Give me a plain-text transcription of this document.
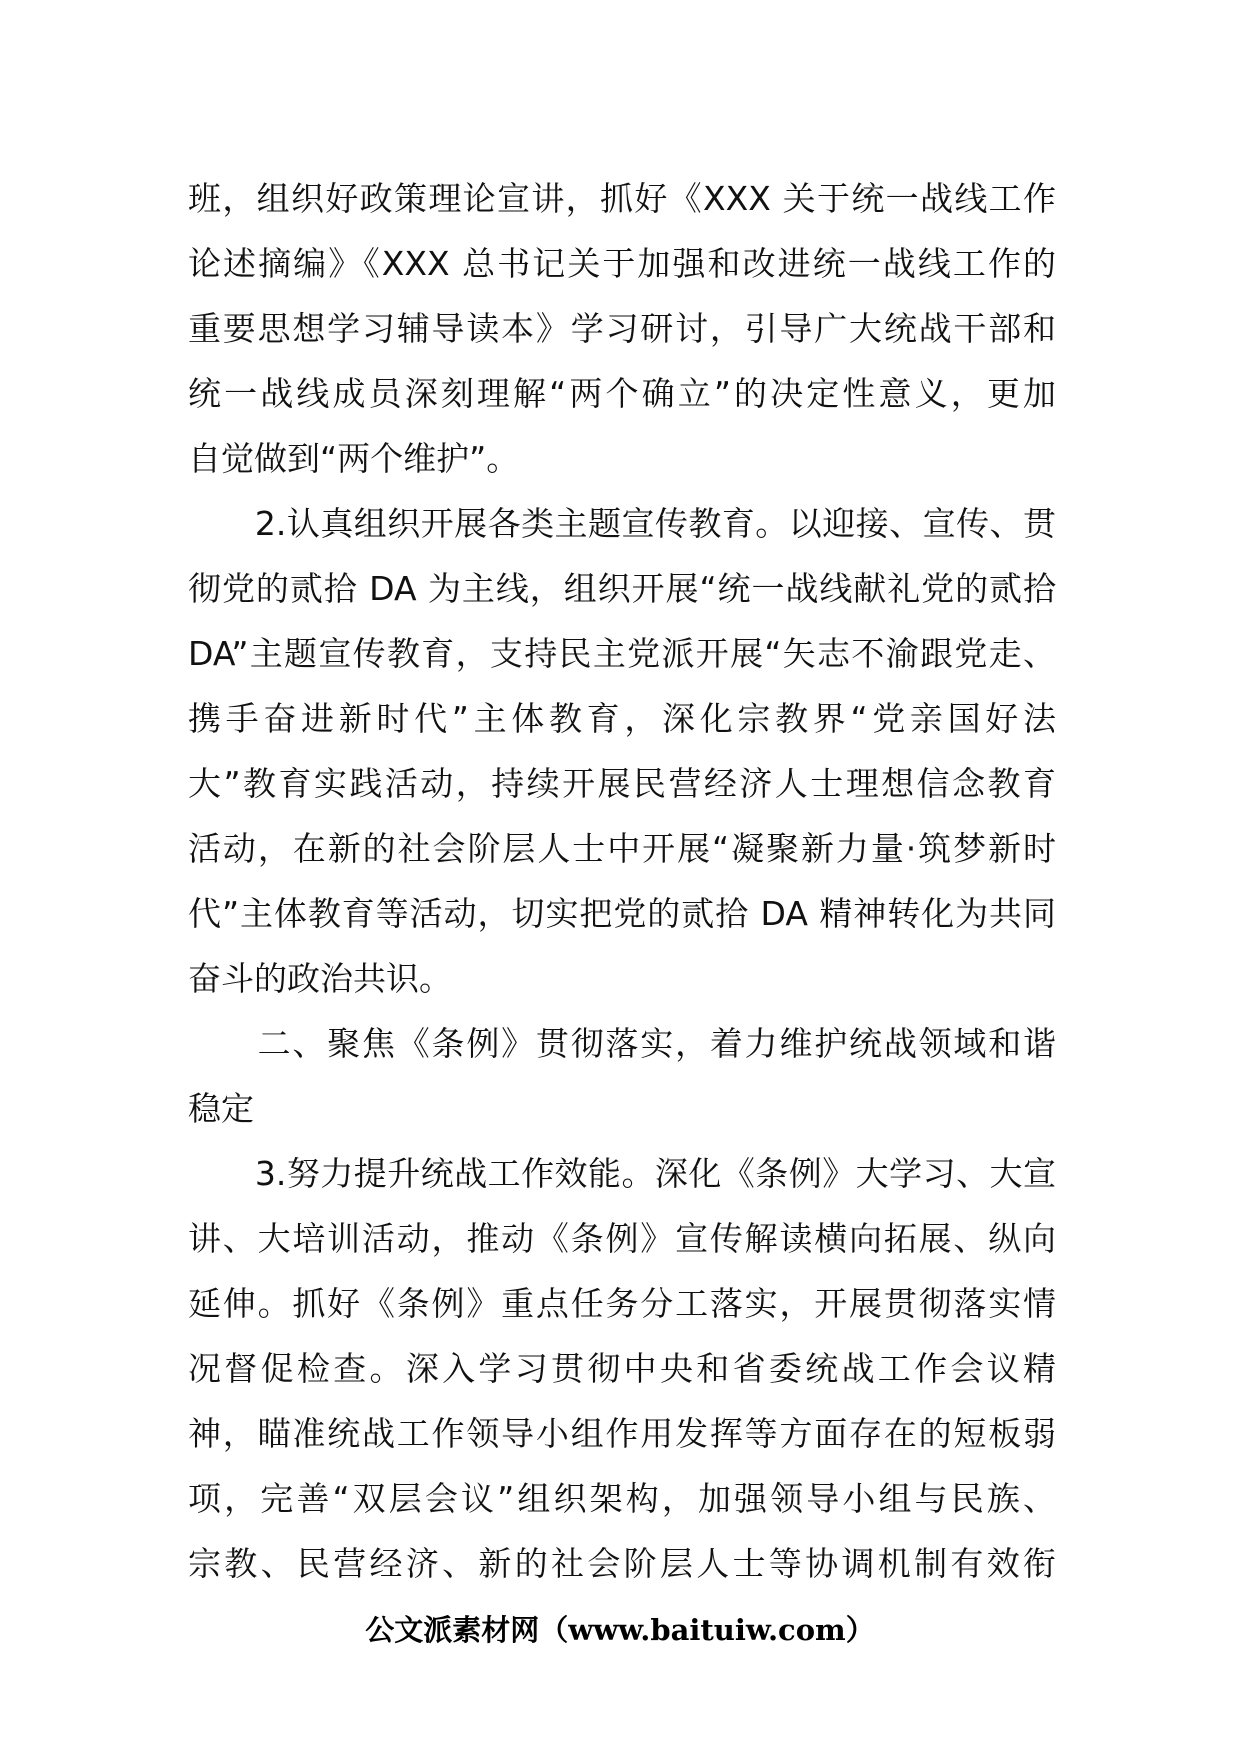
班，组织好政策理论宣讲，抓好《XXX 关于统一战线工作
论述摘编》《XXX 总书记关于加强和改进统一战线工作的
重要思想学习辅导读本》学习研讨，引导广大统战干部和
统一战线成员深刻理解“两个确立”的决定性意义，更加
自觉做到“两个维护”。
　　2.认真组织开展各类主题宣传教育。以迎接、宣传、贯
彻党的贰拾 DA 为主线，组织开展“统一战线献礼党的贰拾
DA”主题宣传教育，支持民主党派开展“矢志不渝跟党走、
携手奋进新时代”主体教育，深化宗教界“党亲国好法
大”教育实践活动，持续开展民营经济人士理想信念教育
活动，在新的社会阶层人士中开展“凝聚新力量·筑梦新时
代”主体教育等活动，切实把党的贰拾 DA 精神转化为共同
奋斗的政治共识。
　　二、聚焦《条例》贯彻落实，着力维护统战领域和谐
稳定
　　3.努力提升统战工作效能。深化《条例》大学习、大宣
讲、大培训活动，推动《条例》宣传解读横向拓展、纵向
延伸。抓好《条例》重点任务分工落实，开展贯彻落实情
况督促检查。深入学习贯彻中央和省委统战工作会议精
神，瞄准统战工作领导小组作用发挥等方面存在的短板弱
项，完善“双层会议”组织架构，加强领导小组与民族、
宗教、民营经济、新的社会阶层人士等协调机制有效衔
公文派素材网（www.baituiw.com）
